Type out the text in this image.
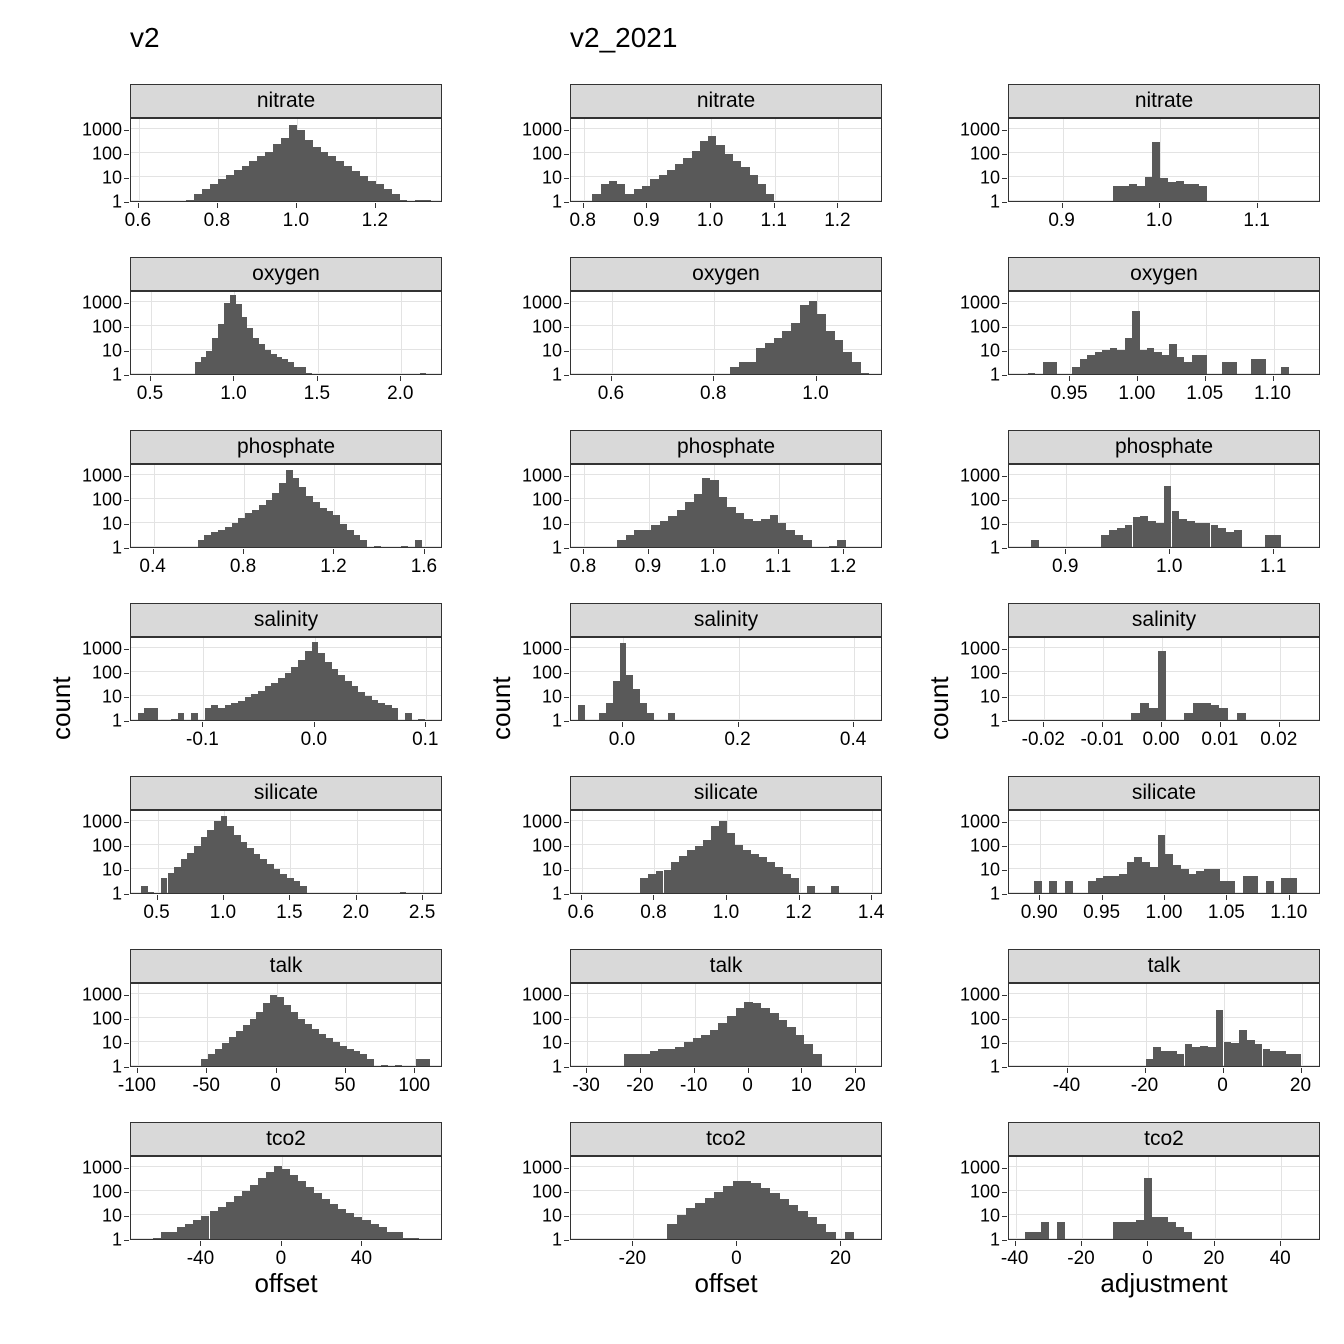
nitrate
1
10
100
1000
0.6	0.8	1.0	1.2
oxygen
1
10
100
1000
0.5	1.0	1.5	2.0
phosphate
1
10
100
1000
0.4	0.8	1.2	1.6
salinity
1
10
100
1000
-0.1	0.0	0.1
silicate
1
10
100
1000
0.5 1.0 1.5 2.0 2.5
talk
1
10
100
1000
-100 -50	0	50 100
tco2
1
10
100
1000
-40	0	40
nitrate
1
10
100
1000
0.8 0.9 1.0 1.1 1.2
oxygen
1
10
100
1000
0.6	0.8	1.0
phosphate
1
10
100
1000
0.8 0.9 1.0 1.1 1.2
salinity
1
10
100
1000
0.0	0.2	0.4
silicate
1
10
100
1000
0.6 0.8 1.0 1.2 1.4
talk
1
10
100
1000
-30 -20 -10 0 10 20
tco2
1
10
100
1000
-20	0	20
nitrate
1
10
100
1000
0.9	1.0	1.1
oxygen
1
10
100
1000
0.95 1.00 1.05 1.10
phosphate
1
10
100
1000
0.9	1.0	1.1
salinity
1
10
100
1000
-0.02 -0.01 0.00 0.01 0.02
silicate
1
10
100
1000
0.90 0.95 1.00 1.05 1.10
talk
1
10
100
1000
-40	-20	0	20
tco2
1
10
100
1000
-40 -20 0	20 40
v2	v2_2021
offset	offset	adjustment
count	count	count
